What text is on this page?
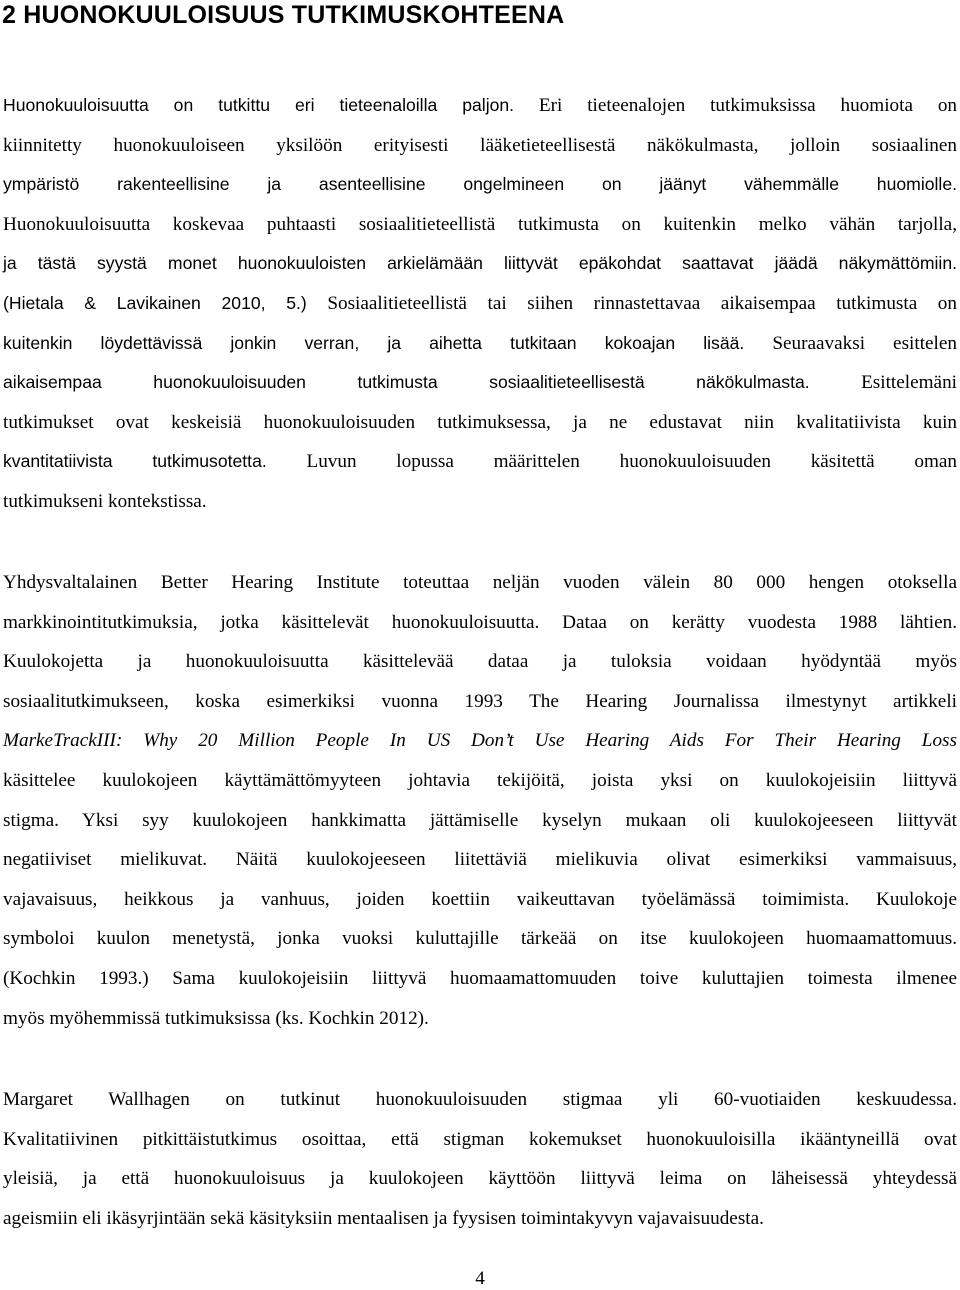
2 HUONOKUULOISUUS TUTKIMUSKOHTEENA
Huonokuuloisuutta on tutkittu eri tieteenaloilla paljon. Eri tieteenalojen tutkimuksissa huomiota on
kiinnitetty huonokuuloiseen yksilöön erityisesti lääketieteellisestä näkökulmasta, jolloin sosiaalinen
ympäristö rakenteellisine ja asenteellisine ongelmineen on jäänyt vähemmälle huomiolle.
Huonokuuloisuutta koskevaa puhtaasti sosiaalitieteellistä tutkimusta on kuitenkin melko vähän tarjolla,
ja tästä syystä monet huonokuuloisten arkielämään liittyvät epäkohdat saattavat jäädä näkymättömiin.
(Hietala & Lavikainen 2010, 5.) Sosiaalitieteellistä tai siihen rinnastettavaa aikaisempaa tutkimusta on
kuitenkin löydettävissä jonkin verran, ja aihetta tutkitaan kokoajan lisää. Seuraavaksi esittelen
aikaisempaa huonokuuloisuuden tutkimusta sosiaalitieteellisestä näkökulmasta. Esittelemäni
tutkimukset ovat keskeisiä huonokuuloisuuden tutkimuksessa, ja ne edustavat niin kvalitatiivista kuin
kvantitatiivista tutkimusotetta. Luvun lopussa määrittelen huonokuuloisuuden käsitettä oman
tutkimukseni kontekstissa.
Yhdysvaltalainen Better Hearing Institute toteuttaa neljän vuoden välein 80 000 hengen otoksella
markkinointitutkimuksia, jotka käsittelevät huonokuuloisuutta. Dataa on kerätty vuodesta 1988 lähtien.
Kuulokojetta ja huonokuuloisuutta käsittelevää dataa ja tuloksia voidaan hyödyntää myös
sosiaalitutkimukseen, koska esimerkiksi vuonna 1993 The Hearing Journalissa ilmestynyt artikkeli
MarkeTrackIII: Why 20 Million People In US Don’t Use Hearing Aids For Their Hearing Loss
käsittelee kuulokojeen käyttämättömyyteen johtavia tekijöitä, joista yksi on kuulokojeisiin liittyvä
stigma. Yksi syy kuulokojeen hankkimatta jättämiselle kyselyn mukaan oli kuulokojeeseen liittyvät
negatiiviset mielikuvat. Näitä kuulokojeeseen liitettäviä mielikuvia olivat esimerkiksi vammaisuus,
vajavaisuus, heikkous ja vanhuus, joiden koettiin vaikeuttavan työelämässä toimimista. Kuulokoje
symboloi kuulon menetystä, jonka vuoksi kuluttajille tärkeää on itse kuulokojeen huomaamattomuus.
(Kochkin 1993.) Sama kuulokojeisiin liittyvä huomaamattomuuden toive kuluttajien toimesta ilmenee
myös myöhemmissä tutkimuksissa (ks. Kochkin 2012).
Margaret Wallhagen on tutkinut huonokuuloisuuden stigmaa yli 60-vuotiaiden keskuudessa.
Kvalitatiivinen pitkittäistutkimus osoittaa, että stigman kokemukset huonokuuloisilla ikääntyneillä ovat
yleisiä, ja että huonokuuloisuus ja kuulokojeen käyttöön liittyvä leima on läheisessä yhteydessä
ageismiin eli ikäsyrjintään sekä käsityksiin mentaalisen ja fyysisen toimintakyvyn vajavaisuudesta.
4
